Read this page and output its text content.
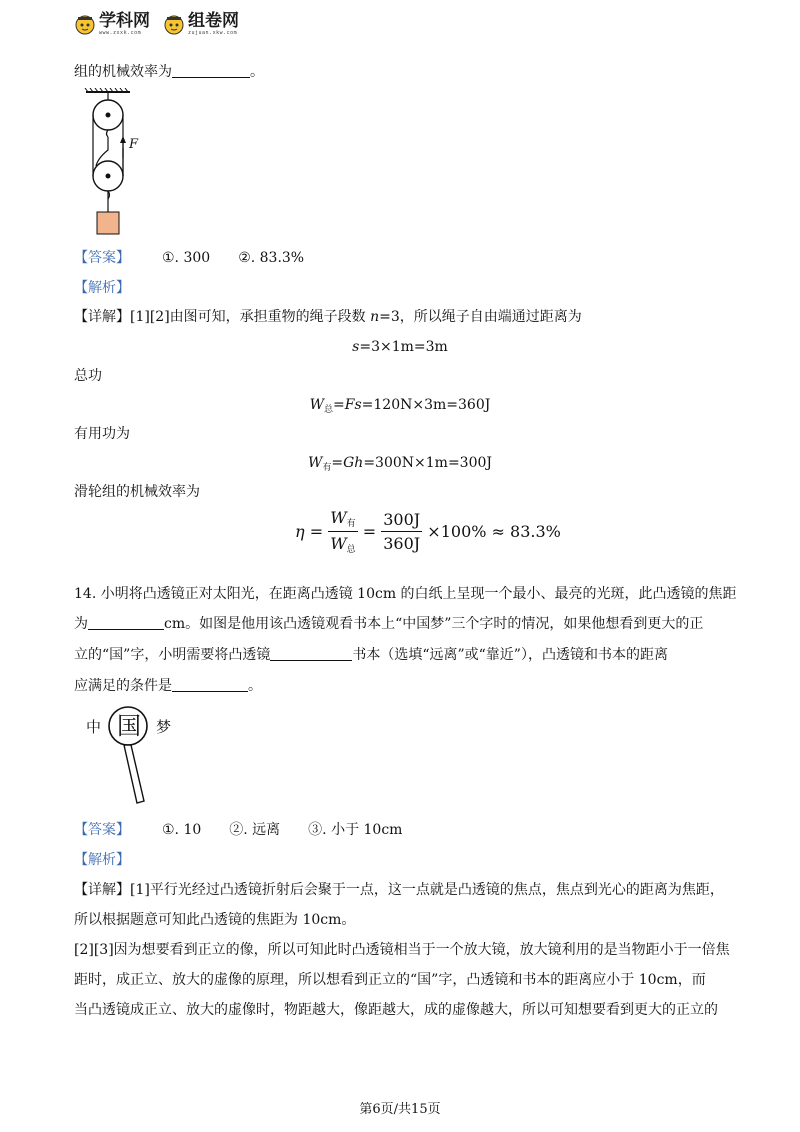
学科网
www.zxxk.com
组卷网
zujuan.xkw.com
组的机械效率为	。
F
【答案】 ①. 300 ②. 83.3%
【解析】
【详解】[1][2]由图可知，承担重物的绳子段数 n=3，所以绳子自由端通过距离为
s=3×1m=3m
总功
$W_总=Fs=120N\times 3m=360J$
有用功为
$W_有=Gh=300N\times 1m=300J$
滑轮组的机械效率为
$\eta = \frac{W_有}{W_总} = \frac{300J}{360J} \times 100\% \approx 83.3\%$
14. 小明将凸透镜正对太阳光，在距离凸透镜 10cm 的白纸上呈现一个最小、最亮的光斑，此凸透镜的焦距
为	cm。如图是他用该凸透镜观看书本上“中国梦”三个字时的情况，如果他想看到更大的正
立的“国”字，小明需要将凸透镜	书本（选填“远离”或“靠近”），凸透镜和书本的距离
应满足的条件是	。
中	梦
国
【答案】 ①. 10 ②. 远离 ③. 小于 10cm
【解析】
【详解】[1]平行光经过凸透镜折射后会聚于一点，这一点就是凸透镜的焦点，焦点到光心的距离为焦距，
所以根据题意可知此凸透镜的焦距为 10cm。
[2][3]因为想要看到正立的像，所以可知此时凸透镜相当于一个放大镜，放大镜利用的是当物距小于一倍焦
距时，成正立、放大的虚像的原理，所以想看到正立的“国”字，凸透镜和书本的距离应小于 10cm，而
当凸透镜成正立、放大的虚像时，物距越大，像距越大，成的虚像越大，所以可知想要看到更大的正立的
第6页/共15页
